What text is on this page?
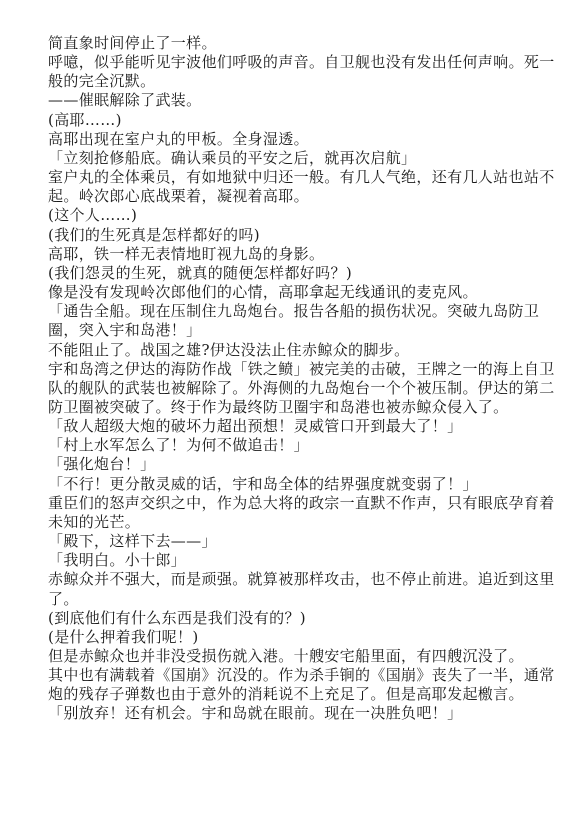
简直象时间停止了一样。

呼噫，似乎能听见宇波他们呼吸的声音。自卫舰也没有发出任何声响。死一般的完全沉默。

——催眠解除了武装。

(高耶……)

高耶出现在室户丸的甲板。全身湿透。

「立刻抢修船底。确认乘员的平安之后，就再次启航」

室户丸的全体乘员，有如地狱中归还一般。有几人气绝，还有几人站也站不起。岭次郎心底战栗着，凝视着高耶。

(这个人……)

(我们的生死真是怎样都好的吗)

高耶，铁一样无表情地盯视九岛的身影。

(我们怨灵的生死，就真的随便怎样都好吗？)

像是没有发现岭次郎他们的心情，高耶拿起无线通讯的麦克风。

「通告全船。现在压制住九岛炮台。报告各船的损伤状况。突破九岛防卫圈，突入宇和岛港！」

不能阻止了。战国之雄?伊达没法止住赤鲸众的脚步。

宇和岛湾之伊达的海防作战「铁之鲼」被完美的击破，王牌之一的海上自卫队的舰队的武装也被解除了。外海侧的九岛炮台一个个被压制。伊达的第二防卫圈被突破了。终于作为最终防卫圈宇和岛港也被赤鲸众侵入了。

「敌人超级大炮的破坏力超出预想！灵威管口开到最大了！」

「村上水军怎么了！为何不做追击！」

「强化炮台！」

「不行！更分散灵威的话，宇和岛全体的结界强度就变弱了！」

重臣们的怒声交织之中，作为总大将的政宗一直默不作声，只有眼底孕育着未知的光芒。

「殿下，这样下去——」

「我明白。小十郎」

赤鲸众并不强大，而是顽强。就算被那样攻击，也不停止前进。追近到这里了。

(到底他们有什么东西是我们没有的？)

(是什么押着我们呢！)

但是赤鲸众也并非没受损伤就入港。十艘安宅船里面，有四艘沉没了。

其中也有满载着《国崩》沉没的。作为杀手锏的《国崩》丧失了一半，通常炮的残存子弹数也由于意外的消耗说不上充足了。但是高耶发起檄言。

「别放弃！还有机会。宇和岛就在眼前。现在一决胜负吧！」
